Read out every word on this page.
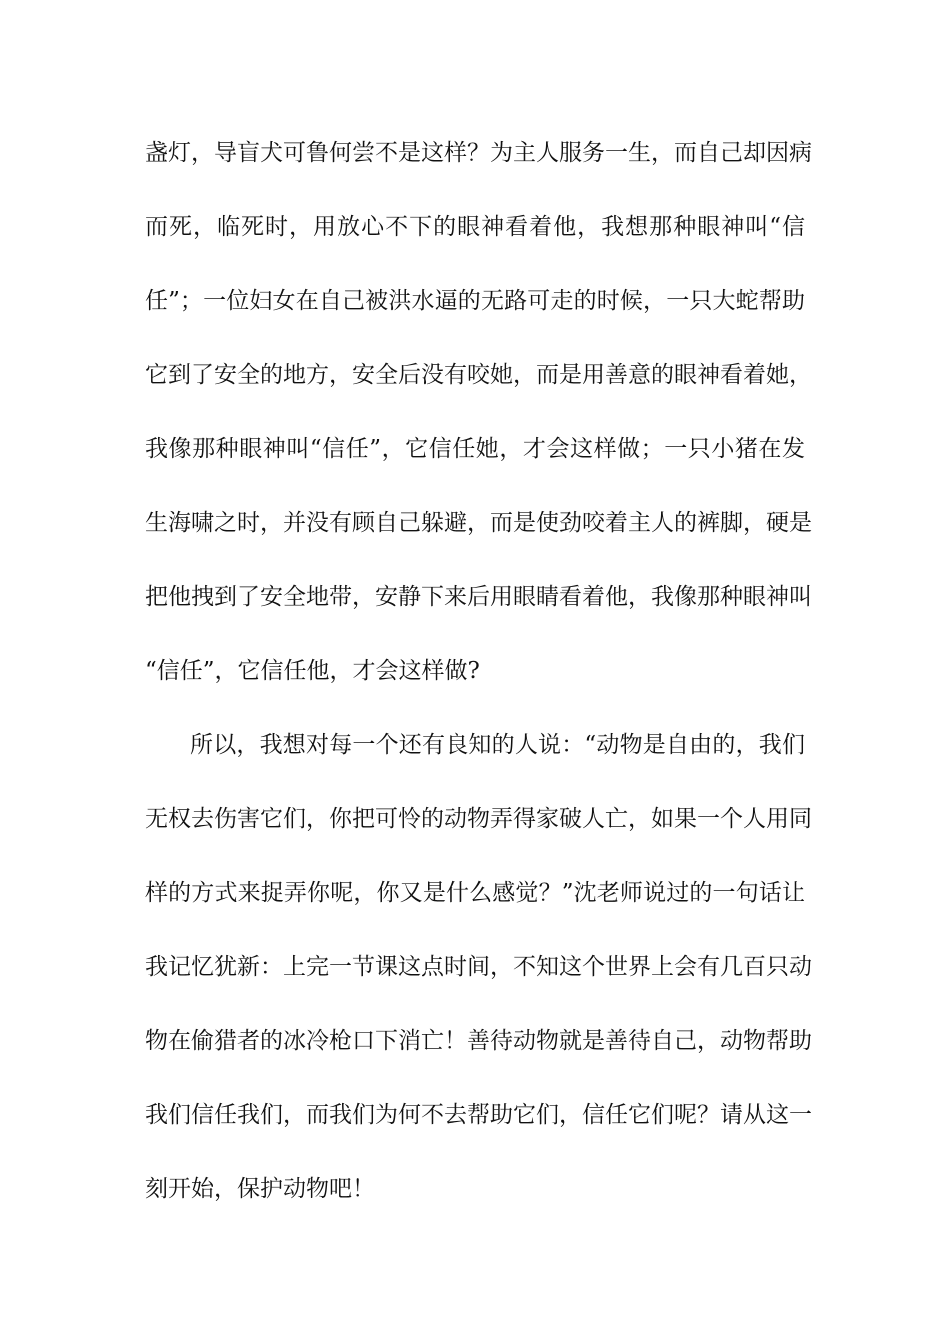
盏灯，导盲犬可鲁何尝不是这样？为主人服务一生，而自己却因病
而死，临死时，用放心不下的眼神看着他，我想那种眼神叫“信
任”；一位妇女在自己被洪水逼的无路可走的时候，一只大蛇帮助
它到了安全的地方，安全后没有咬她，而是用善意的眼神看着她，
我像那种眼神叫“信任”，它信任她，才会这样做；一只小猪在发
生海啸之时，并没有顾自己躲避，而是使劲咬着主人的裤脚，硬是
把他拽到了安全地带，安静下来后用眼睛看着他，我像那种眼神叫
“信任”，它信任他，才会这样做?
所以，我想对每一个还有良知的人说：“动物是自由的，我们
无权去伤害它们，你把可怜的动物弄得家破人亡，如果一个人用同
样的方式来捉弄你呢，你又是什么感觉？”沈老师说过的一句话让
我记忆犹新：上完一节课这点时间，不知这个世界上会有几百只动
物在偷猎者的冰冷枪口下消亡！善待动物就是善待自己，动物帮助
我们信任我们，而我们为何不去帮助它们，信任它们呢？请从这一
刻开始，保护动物吧！
